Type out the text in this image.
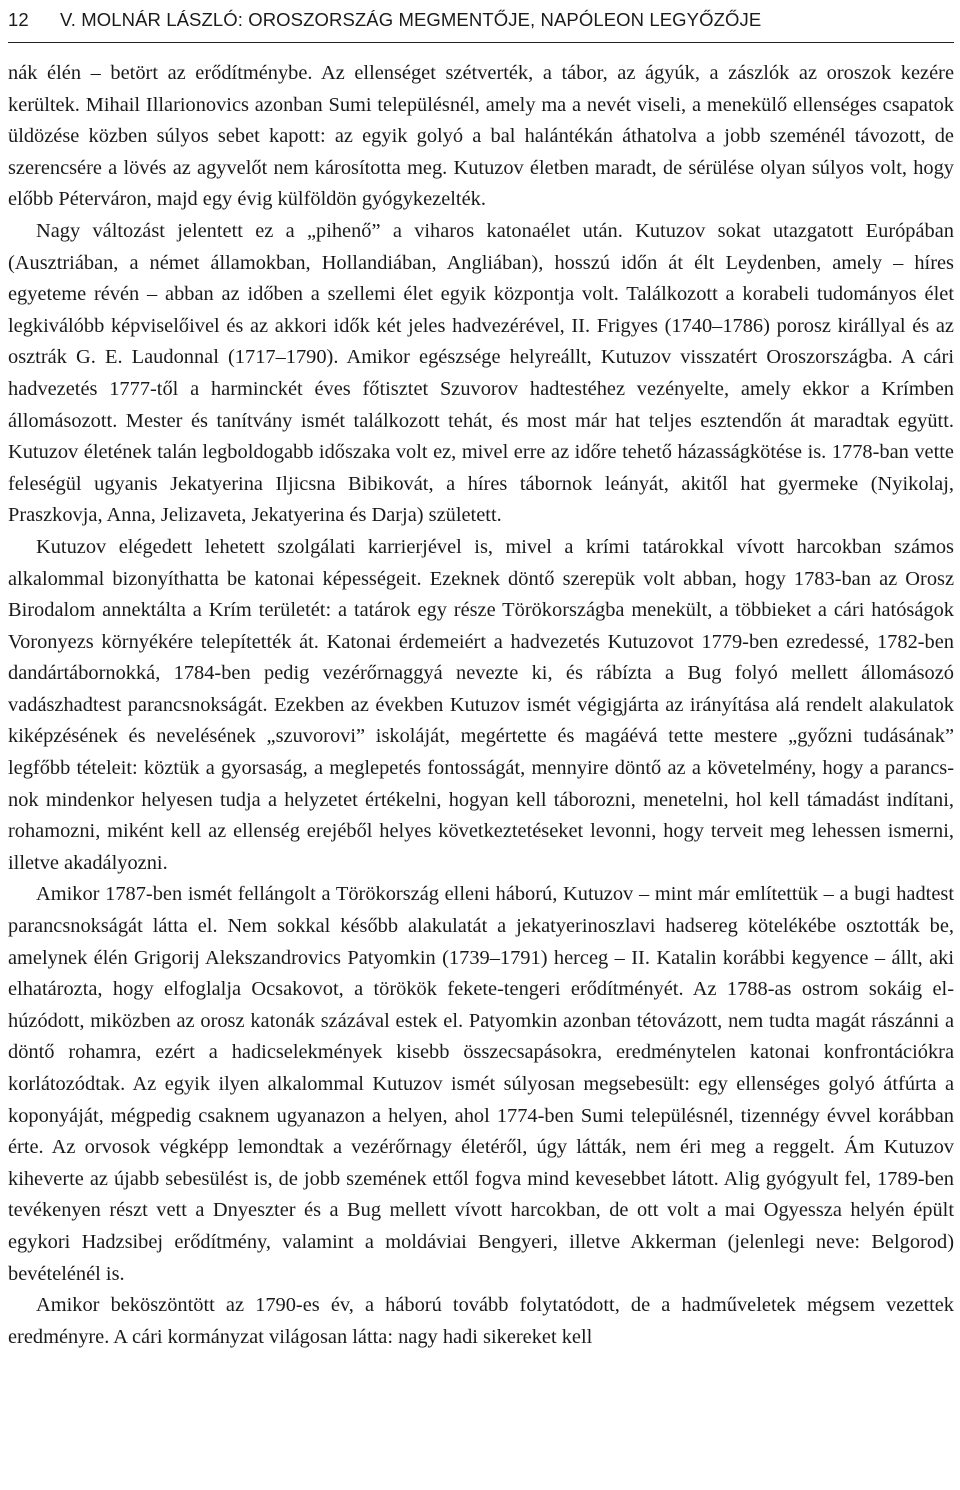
12	V. MOLNÁR LÁSZLÓ: OROSZORSZÁG MEGMENTŐJE, NAPÓLEON LEGYŐZŐJE

nák élén – betört az erődítménybe. Az ellenséget szétverték, a tábor, az ágyúk, a zászlók az oroszok kezére kerültek. Mihail Illarionovics azonban Sumi településnél, amely ma a nevét viseli, a menekülő ellenséges csapatok üldözése közben súlyos sebet kapott: az egyik golyó a bal halántékán áthatolva a jobb szeménél távozott, de szerencsére a lövés az agyvelőt nem károsította meg. Kutuzov életben maradt, de sérülése olyan súlyos volt, hogy előbb Péterváron, majd egy évig külföldön gyógykezelték.

Nagy változást jelentett ez a „pihenő” a viharos katonaélet után. Kutuzov sokat utazgatott Európában (Ausztriában, a német államokban, Hollandiában, Angliában), hosszú időn át élt Leydenben, amely – híres egyeteme révén – abban az időben a szellemi élet egyik központja volt. Találkozott a korabeli tudományos élet legkiválóbb képviselőivel és az akkori idők két jeles hadvezérével, II. Frigyes (1740–1786) porosz királlyal és az osztrák G. E. Laudonnal (1717–1790). Amikor egészsége helyreállt, Kutuzov visszatért Oroszországba. A cári hadvezetés 1777-től a harminckét éves főtisztet Szuvorov hadtestéhez vezényelte, amely ekkor a Krímben állomásozott. Mester és tanítvány ismét találkozott tehát, és most már hat teljes esztendőn át maradtak együtt. Kutuzov életének talán legboldogabb időszaka volt ez, mivel erre az időre tehető házasságkötése is. 1778-ban vette feleségül ugyanis Jekatyerina Iljicsna Bibikovát, a híres tábornok leányát, akitől hat gyermeke (Nyikolaj, Praszkovja, Anna, Jelizaveta, Jekatyerina és Darja) született.

Kutuzov elégedett lehetett szolgálati karrierjével is, mivel a krími tatárokkal vívott harcokban számos alkalommal bizonyíthatta be katonai képességeit. Ezeknek döntő szerepük volt abban, hogy 1783-ban az Orosz Birodalom annektálta a Krím területét: a tatárok egy része Törökországba menekült, a többieket a cári hatóságok Voronyezs környékére telepítették át. Katonai érdemeiért a hadvezetés Kutuzovot 1779-ben ezredessé, 1782-ben dandártábornokká, 1784-ben pedig vezérőrnaggyá nevezte ki, és rábízta a Bug folyó mellett állomásozó vadászhadtest parancsnokságát. Ezekben az években Kutuzov ismét végigjárta az irányítása alá rendelt alakulatok kiképzésének és nevelésének „szuvorovi” iskoláját, megértette és magáévá tette mestere „győzni tudásának” legfőbb tételeit: köztük a gyorsaság, a meglepetés fontosságát, mennyire döntő az a követelmény, hogy a parancsnok mindenkor helyesen tudja a helyzetet értékelni, hogyan kell táborozni, menetelni, hol kell támadást indítani, rohamozni, miként kell az ellenség erejéből helyes következtetéseket levonni, hogy terveit meg lehessen ismerni, illetve akadályozni.

Amikor 1787-ben ismét fellángolt a Törökország elleni háború, Kutuzov – mint már említettük – a bugi hadtest parancsnokságát látta el. Nem sokkal később alakulatát a jekatyerinoszlavi hadsereg kötelékébe osztották be, amelynek élén Grigorij Alekszandrovics Patyomkin (1739–1791) herceg – II. Katalin korábbi kegyence – állt, aki elhatározta, hogy elfoglalja Ocsakovot, a törökök fekete-tengeri erődítményét. Az 1788-as ostrom sokáig elhúzódott, miközben az orosz katonák százával estek el. Patyomkin azonban tétovázott, nem tudta magát rászánni a döntő rohamra, ezért a hadicselekmények kisebb összecsapásokra, eredménytelen katonai konfrontációkra korlátozódtak. Az egyik ilyen alkalommal Kutuzov ismét súlyosan megsebesült: egy ellenséges golyó átfúrta a koponyáját, mégpedig csaknem ugyanazon a helyen, ahol 1774-ben Sumi településnél, tizennégy évvel korábban érte. Az orvosok végképp lemondtak a vezérőrnagy életéről, úgy látták, nem éri meg a reggelt. Ám Kutuzov kiheverte az újabb sebesülést is, de jobb szemének ettől fogva mind kevesebbet látott. Alig gyógyult fel, 1789-ben tevékenyen részt vett a Dnyeszter és a Bug mellett vívott harcokban, de ott volt a mai Ogyessza helyén épült egykori Hadzsibej erődítmény, valamint a moldáviai Bengyeri, illetve Akkerman (jelenlegi neve: Belgorod) bevételénél is.

Amikor beköszöntött az 1790-es év, a háború tovább folytatódott, de a hadműveletek mégsem vezettek eredményre. A cári kormányzat világosan látta: nagy hadi sikereket kell
